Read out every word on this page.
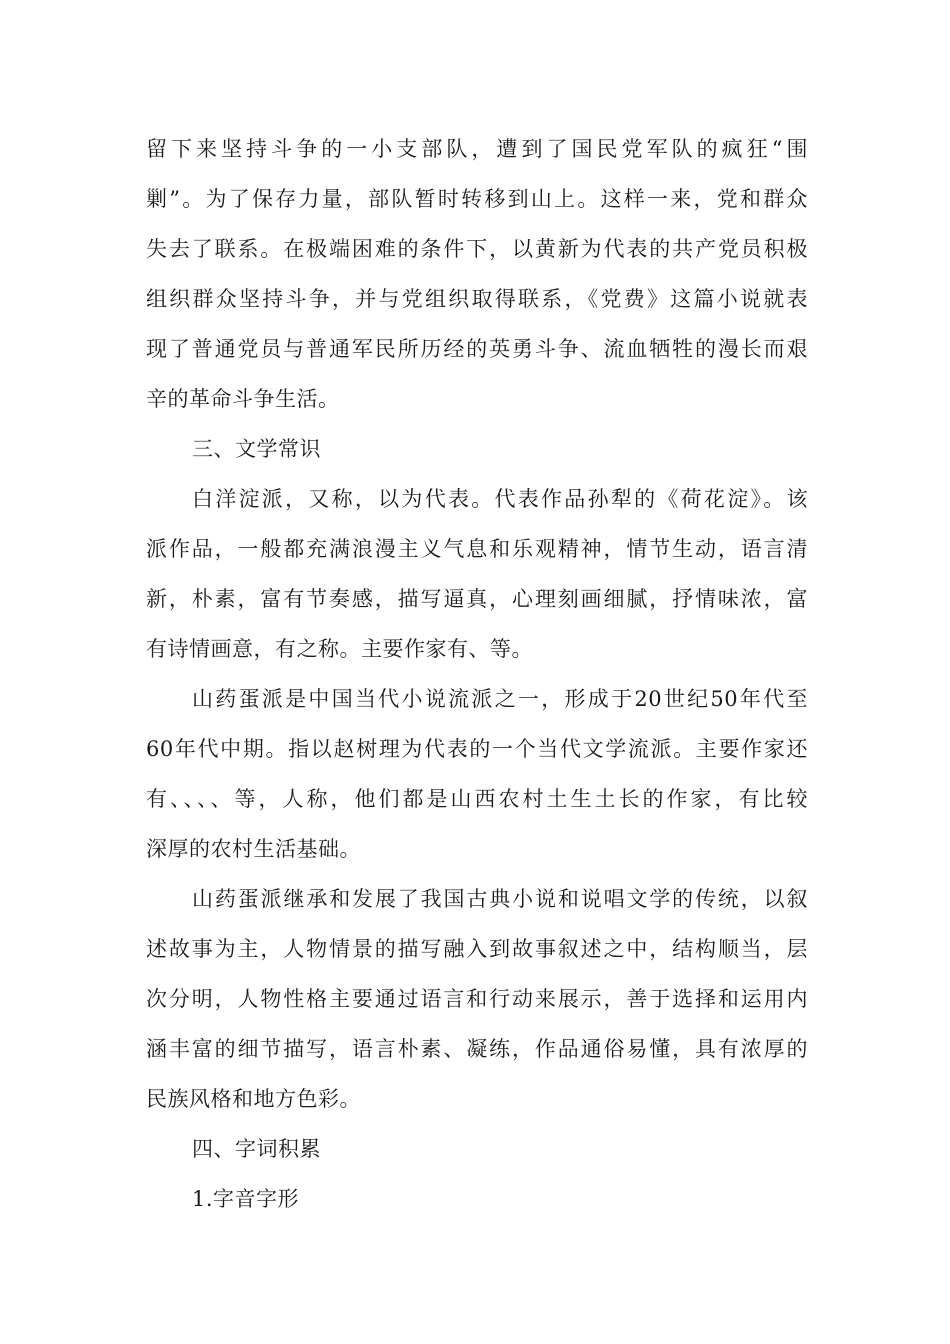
留下来坚持斗争的一小支部队，遭到了国民党军队的疯狂“围
剿”。为了保存力量，部队暂时转移到山上。这样一来，党和群众
失去了联系。在极端困难的条件下，以黄新为代表的共产党员积极
组织群众坚持斗争，并与党组织取得联系，《党费》这篇小说就表
现了普通党员与普通军民所历经的英勇斗争、流血牺牲的漫长而艰
辛的革命斗争生活。

三、文学常识

白洋淀派，又称，以为代表。代表作品孙犁的《荷花淀》。该
派作品，一般都充满浪漫主义气息和乐观精神，情节生动，语言清
新，朴素，富有节奏感，描写逼真，心理刻画细腻，抒情味浓，富
有诗情画意，有之称。主要作家有、等。

山药蛋派是中国当代小说流派之一，形成于20世纪50年代至
60年代中期。指以赵树理为代表的一个当代文学流派。主要作家还
有、、、、等，人称，他们都是山西农村土生土长的作家，有比较
深厚的农村生活基础。

山药蛋派继承和发展了我国古典小说和说唱文学的传统，以叙
述故事为主，人物情景的描写融入到故事叙述之中，结构顺当，层
次分明，人物性格主要通过语言和行动来展示，善于选择和运用内
涵丰富的细节描写，语言朴素、凝练，作品通俗易懂，具有浓厚的
民族风格和地方色彩。

四、字词积累

1.字音字形
